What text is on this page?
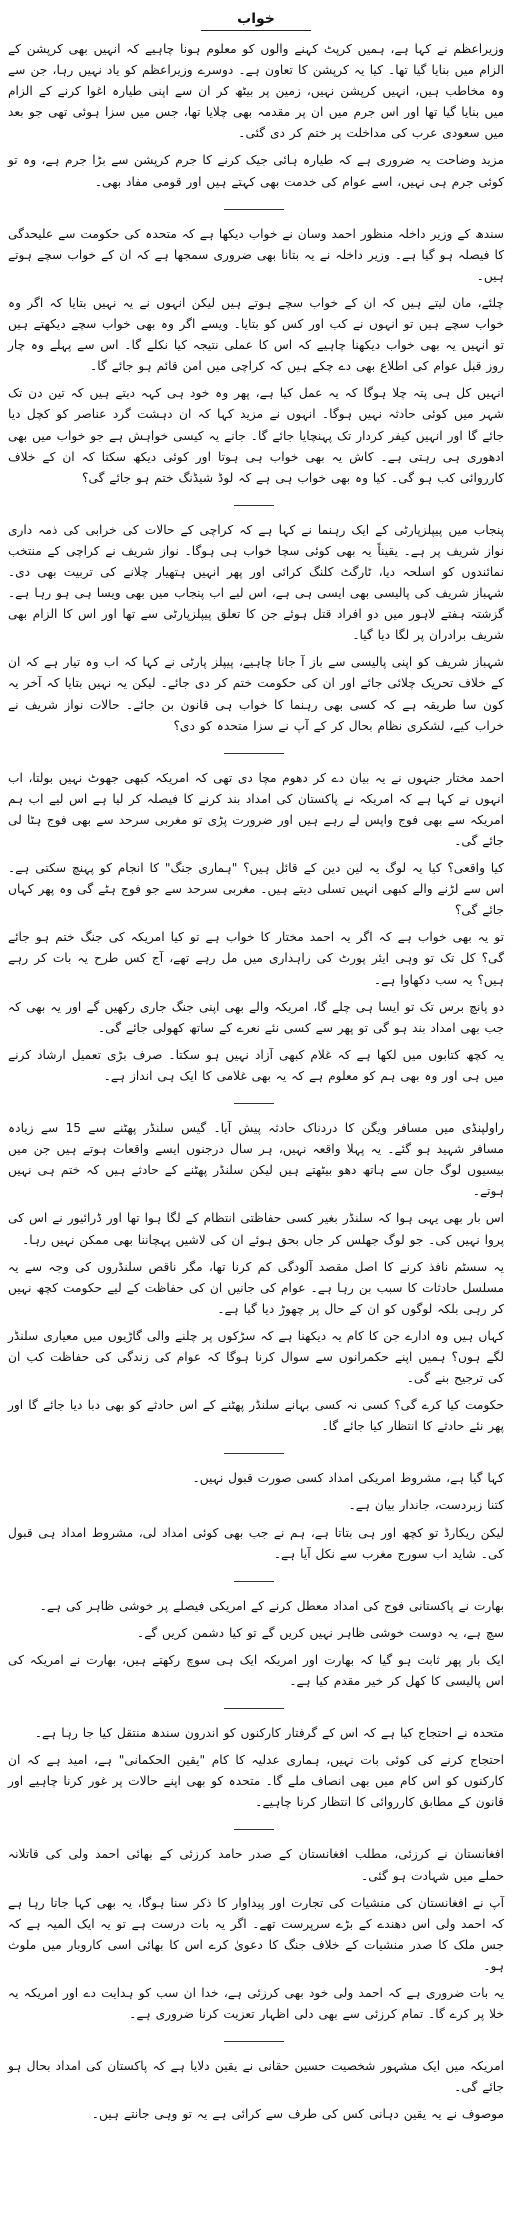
خواب

وزیراعظم نے کہا ہے، ہمیں کرپٹ کہنے والوں کو معلوم ہونا چاہیے کہ انہیں بھی کرپشن کے الزام میں بنایا گیا تھا۔ کیا یہ کرپشن کا تعاون ہے۔ دوسرے وزیراعظم کو یاد نہیں رہا، جن سے وہ مخاطب ہیں، انہیں کرپشن نہیں، زمین پر بیٹھ کر ان سے اپنی طیارہ اغوا کرنے کے الزام میں بنایا گیا تھا اور اس جرم میں ان پر مقدمہ بھی چلایا تھا، جس میں سزا ہوئی تھی جو بعد میں سعودی عرب کی مداخلت پر ختم کر دی گئی۔

مزید وضاحت یہ ضروری ہے کہ طیارہ ہائی جیک کرنے کا جرم کرپشن سے بڑا جرم ہے، وہ تو کوئی جرم ہی نہیں، اسے عوام کی خدمت بھی کہتے ہیں اور قومی مفاد بھی۔

سندھ کے وزیر داخلہ منظور احمد وسان نے خواب دیکھا ہے کہ متحدہ کی حکومت سے علیحدگی کا فیصلہ ہو گیا ہے۔ وزیر داخلہ نے یہ بتانا بھی ضروری سمجھا ہے کہ ان کے خواب سچے ہوتے ہیں۔

چلئے، مان لیتے ہیں کہ ان کے خواب سچے ہوتے ہیں لیکن انہوں نے یہ نہیں بتایا کہ اگر وہ خواب سچے ہیں تو انہوں نے کب اور کس کو بتایا۔ ویسے اگر وہ بھی خواب سچے دیکھتے ہیں تو انہیں یہ بھی خواب دیکھنا چاہیے کہ اس کا عملی نتیجہ کیا نکلے گا۔ اس سے پہلے وہ چار روز قبل عوام کی اطلاع بھی دے چکے ہیں کہ کراچی میں امن قائم ہو جائے گا۔

انہیں کل ہی پتہ چلا ہوگا کہ یہ عمل کیا ہے، پھر وہ خود ہی کہہ دیتے ہیں کہ تین دن تک شہر میں کوئی حادثہ نہیں ہوگا۔ انہوں نے مزید کہا کہ ان دہشت گرد عناصر کو کچل دیا جائے گا اور انہیں کیفر کردار تک پہنچایا جائے گا۔ جانے یہ کیسی خواہش ہے جو خواب میں بھی ادھوری ہی رہتی ہے۔ کاش یہ بھی خواب ہی ہوتا اور کوئی دیکھ سکتا کہ ان کے خلاف کارروائی کب ہو گی۔ کیا وہ بھی خواب ہی ہے کہ لوڈ شیڈنگ ختم ہو جائے گی؟

پنجاب میں پیپلزپارٹی کے ایک رہنما نے کہا ہے کہ کراچی کے حالات کی خرابی کی ذمہ داری نواز شریف پر ہے۔ یقیناً یہ بھی کوئی سچا خواب ہی ہوگا۔ نواز شریف نے کراچی کے منتخب نمائندوں کو اسلحہ دیا، ٹارگٹ کلنگ کرائی اور پھر انہیں ہتھیار چلانے کی تربیت بھی دی۔ شہباز شریف کی پالیسی بھی ایسی ہی ہے، اس لیے اب پنجاب میں بھی ویسا ہی ہو رہا ہے۔ گزشتہ ہفتے لاہور میں دو افراد قتل ہوئے جن کا تعلق پیپلزپارٹی سے تھا اور اس کا الزام بھی شریف برادران پر لگا دیا گیا۔

شہباز شریف کو اپنی پالیسی سے باز آ جانا چاہیے، پیپلز پارٹی نے کہا کہ اب وہ تیار ہے کہ ان کے خلاف تحریک چلائی جائے اور ان کی حکومت ختم کر دی جائے۔ لیکن یہ نہیں بتایا کہ آخر یہ کون سا طریقہ ہے کہ کسی بھی رہنما کا خواب ہی قانون بن جائے۔ حالات نواز شریف نے خراب کیے، لشکری نظام بحال کر کے آپ نے سزا متحدہ کو دی؟

احمد مختار جنہوں نے یہ بیان دے کر دھوم مچا دی تھی کہ امریکہ کبھی جھوٹ نہیں بولتا، اب انہوں نے کہا ہے کہ امریکہ نے پاکستان کی امداد بند کرنے کا فیصلہ کر لیا ہے اس لیے اب ہم امریکہ سے بھی فوج واپس لے رہے ہیں اور ضرورت پڑی تو مغربی سرحد سے بھی فوج ہٹا لی جائے گی۔

کیا واقعی؟ کیا یہ لوگ یہ لین دین کے قائل ہیں؟ "ہماری جنگ" کا انجام کو پہنچ سکتی ہے۔ اس سے لڑنے والے کبھی انہیں تسلی دیتے ہیں۔ مغربی سرحد سے جو فوج ہٹے گی وہ پھر کہاں جائے گی؟

تو یہ بھی خواب ہے کہ اگر یہ احمد مختار کا خواب ہے تو کیا امریکہ کی جنگ ختم ہو جائے گی؟ کل تک تو وہی ایئر پورٹ کی راہداری میں مل رہے تھے، آج کس طرح یہ بات کر رہے ہیں؟ یہ سب دکھاوا ہے۔

دو پانچ برس تک تو ایسا ہی چلے گا، امریکہ والے بھی اپنی جنگ جاری رکھیں گے اور یہ بھی کہ جب بھی امداد بند ہو گی تو پھر سے کسی نئے نعرے کے ساتھ کھولی جائے گی۔

یہ کچھ کتابوں میں لکھا ہے کہ غلام کبھی آزاد نہیں ہو سکتا۔ صرف بڑی تعمیل ارشاد کرنے میں ہی اور وہ بھی ہم کو معلوم ہے کہ یہ بھی غلامی کا ایک ہی انداز ہے۔

راولپنڈی میں مسافر ویگن کا دردناک حادثہ پیش آیا۔ گیس سلنڈر پھٹنے سے 15 سے زیادہ مسافر شہید ہو گئے۔ یہ پہلا واقعہ نہیں، ہر سال درجنوں ایسے واقعات ہوتے ہیں جن میں بیسیوں لوگ جان سے ہاتھ دھو بیٹھتے ہیں لیکن سلنڈر پھٹنے کے حادثے ہیں کہ ختم ہی نہیں ہوتے۔

اس بار بھی یہی ہوا کہ سلنڈر بغیر کسی حفاظتی انتظام کے لگا ہوا تھا اور ڈرائیور نے اس کی پروا نہیں کی۔ جو لوگ جھلس کر جاں بحق ہوئے ان کی لاشیں پہچاننا بھی ممکن نہیں رہا۔

یہ سسٹم نافذ کرنے کا اصل مقصد آلودگی کم کرنا تھا، مگر ناقص سلنڈروں کی وجہ سے یہ مسلسل حادثات کا سبب بن رہا ہے۔ عوام کی جانیں ان کی حفاظت کے لیے حکومت کچھ نہیں کر رہی بلکہ لوگوں کو ان کے حال پر چھوڑ دیا گیا ہے۔

کہاں ہیں وہ ادارے جن کا کام یہ دیکھنا ہے کہ سڑکوں پر چلنے والی گاڑیوں میں معیاری سلنڈر لگے ہوں؟ ہمیں اپنے حکمرانوں سے سوال کرنا ہوگا کہ عوام کی زندگی کی حفاظت کب ان کی ترجیح بنے گی۔

حکومت کیا کرے گی؟ کسی نہ کسی بہانے سلنڈر پھٹنے کے اس حادثے کو بھی دبا دیا جائے گا اور پھر نئے حادثے کا انتظار کیا جائے گا۔

کہا گیا ہے، مشروط امریکی امداد کسی صورت قبول نہیں۔

کتنا زبردست، جاندار بیان ہے۔

لیکن ریکارڈ تو کچھ اور ہی بتاتا ہے، ہم نے جب بھی کوئی امداد لی، مشروط امداد ہی قبول کی۔ شاید اب سورج مغرب سے نکل آیا ہے۔

بھارت نے پاکستانی فوج کی امداد معطل کرنے کے امریکی فیصلے پر خوشی ظاہر کی ہے۔

سچ ہے، یہ دوست خوشی ظاہر نہیں کریں گے تو کیا دشمن کریں گے۔

ایک بار پھر ثابت ہو گیا کہ بھارت اور امریکہ ایک ہی سوچ رکھتے ہیں، بھارت نے امریکہ کی اس پالیسی کا کھل کر خیر مقدم کیا ہے۔

متحدہ نے احتجاج کیا ہے کہ اس کے گرفتار کارکنوں کو اندرون سندھ منتقل کیا جا رہا ہے۔

احتجاج کرنے کی کوئی بات نہیں، ہماری عدلیہ کا کام "یقین الحکمانی" ہے، امید ہے کہ ان کارکنوں کو اس کام میں بھی انصاف ملے گا۔ متحدہ کو بھی اپنے حالات پر غور کرنا چاہیے اور قانون کے مطابق کارروائی کا انتظار کرنا چاہیے۔

افغانستان نے کرزئی، مطلب افغانستان کے صدر حامد کرزئی کے بھائی احمد ولی کی قاتلانہ حملے میں شہادت ہو گئی۔

آپ نے افغانستان کی منشیات کی تجارت اور پیداوار کا ذکر سنا ہوگا، یہ بھی کہا جاتا رہا ہے کہ احمد ولی اس دھندے کے بڑے سرپرست تھے۔ اگر یہ بات درست ہے تو یہ ایک المیہ ہے کہ جس ملک کا صدر منشیات کے خلاف جنگ کا دعویٰ کرے اس کا بھائی اسی کاروبار میں ملوث ہو۔

یہ بات ضروری ہے کہ احمد ولی خود بھی کرزئی ہے، خدا ان سب کو ہدایت دے اور امریکہ یہ خلا پر کرے گا۔ تمام کرزئی سے بھی دلی اظہار تعزیت کرنا ضروری ہے۔

امریکہ میں ایک مشہور شخصیت حسین حقانی نے یقین دلایا ہے کہ پاکستان کی امداد بحال ہو جائے گی۔

موصوف نے یہ یقین دہانی کس کی طرف سے کرائی ہے یہ تو وہی جانتے ہیں۔
